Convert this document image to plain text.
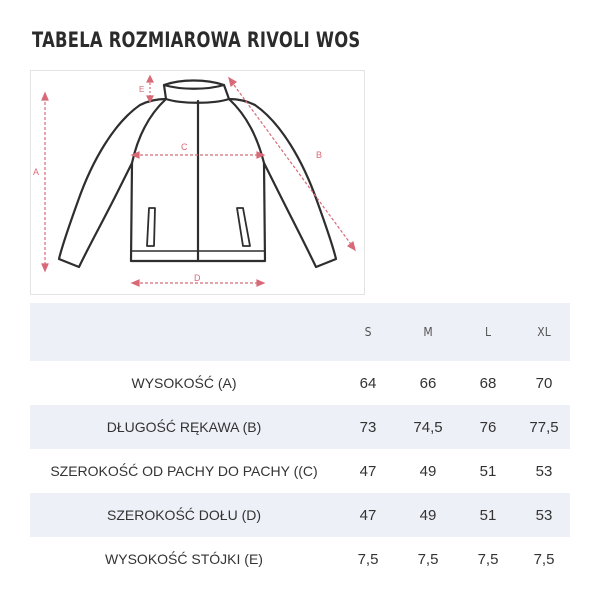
TABELA ROZMIAROWA RIVOLI WOS
A
C
D
B
E
	S	M	L	XL
WYSOKOŚĆ (A)	64	66	68	70
DŁUGOŚĆ RĘKAWA (B)	73	74,5	76	77,5
SZEROKOŚĆ OD PACHY DO PACHY ((C)	47	49	51	53
SZEROKOŚĆ DOŁU (D)	47	49	51	53
WYSOKOŚĆ STÓJKI (E)	7,5	7,5	7,5	7,5
